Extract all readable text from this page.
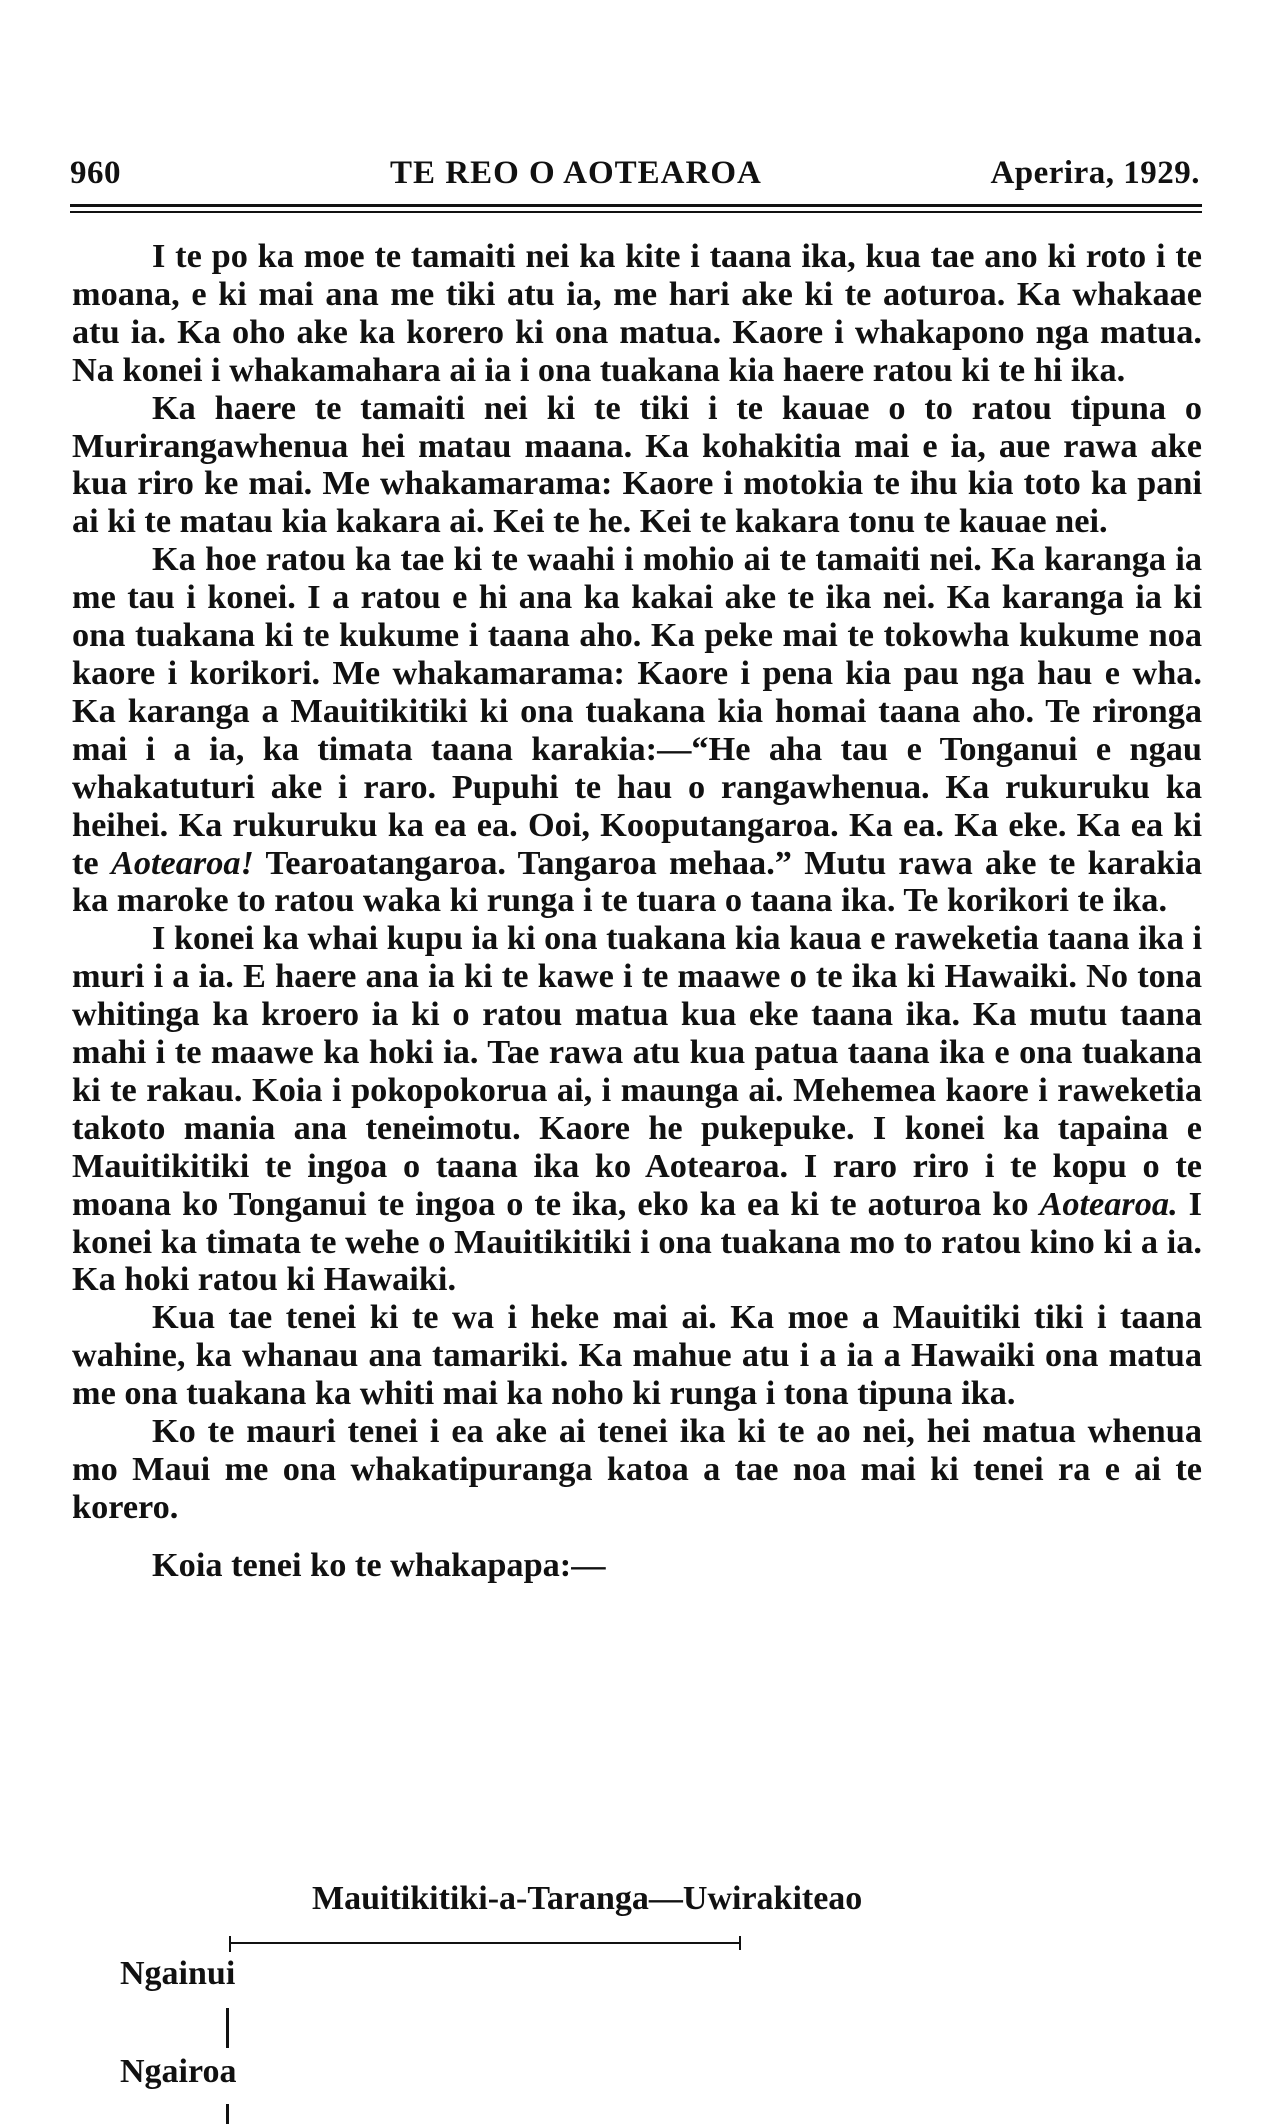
960	TE REO O AOTEAROA	Aperira, 1929.

I te po ka moe te tamaiti nei ka kite i taana ika, kua tae ano ki roto i te moana, e ki mai ana me tiki atu ia, me hari ake ki te aoturoa. Ka whakaae atu ia. Ka oho ake ka korero ki ona matua. Kaore i whakapono nga matua. Na konei i whakamahara ai ia i ona tuakana kia haere ratou ki te hi ika.

Ka haere te tamaiti nei ki te tiki i te kauae o to ratou tipuna o Murirangawhenua hei matau maana. Ka kohakitia mai e ia, aue rawa ake kua riro ke mai. Me whakamarama: Kaore i motokia te ihu kia toto ka pani ai ki te matau kia kakara ai. Kei te he. Kei te kakara tonu te kauae nei.

Ka hoe ratou ka tae ki te waahi i mohio ai te tamaiti nei. Ka karanga ia me tau i konei. I a ratou e hi ana ka kakai ake te ika nei. Ka karanga ia ki ona tuakana ki te kukume i taana aho. Ka peke mai te tokowha kukume noa kaore i korikori. Me whakamarama: Kaore i pena kia pau nga hau e wha. Ka karanga a Mauitikitiki ki ona tuakana kia homai taana aho. Te rironga mai i a ia, ka timata taana karakia:—“He aha tau e Tonganui e ngau whakatuturi ake i raro. Pupuhi te hau o rangawhenua. Ka rukuruku ka heihei. Ka rukuruku ka ea ea. Ooi, Kooputangaroa. Ka ea. Ka eke. Ka ea ki te Aotearoa! Tearoatangaroa. Tangaroa mehaa.” Mutu rawa ake te karakia ka maroke to ratou waka ki runga i te tuara o taana ika. Te korikori te ika.

I konei ka whai kupu ia ki ona tuakana kia kaua e raweketia taana ika i muri i a ia. E haere ana ia ki te kawe i te maawe o te ika ki Hawaiki. No tona whitinga ka kroero ia ki o ratou matua kua eke taana ika. Ka mutu taana mahi i te maawe ka hoki ia. Tae rawa atu kua patua taana ika e ona tuakana ki te rakau. Koia i pokopokorua ai, i maunga ai. Mehemea kaore i raweketia takoto mania ana teneimotu. Kaore he pukepuke. I konei ka tapaina e Mauitikitiki te ingoa o taana ika ko Aotearoa. I raro riro i te kopu o te moana ko Tonganui te ingoa o te ika, eko ka ea ki te aoturoa ko Aotearoa. I konei ka timata te wehe o Mauitikitiki i ona tuakana mo to ratou kino ki a ia. Ka hoki ratou ki Hawaiki.

Kua tae tenei ki te wa i heke mai ai. Ka moe a Mauitiki tiki i taana wahine, ka whanau ana tamariki. Ka mahue atu i a ia a Hawaiki ona matua me ona tuakana ka whiti mai ka noho ki runga i tona tipuna ika.

Ko te mauri tenei i ea ake ai tenei ika ki te ao nei, hei matua whenua mo Maui me ona whakatipuranga katoa a tae noa mai ki tenei ra e ai te korero.

Koia tenei ko te whakapapa:—

Mauitikitiki-a-Taranga—Uwirakiteao
Ngainui
Ngairoa
